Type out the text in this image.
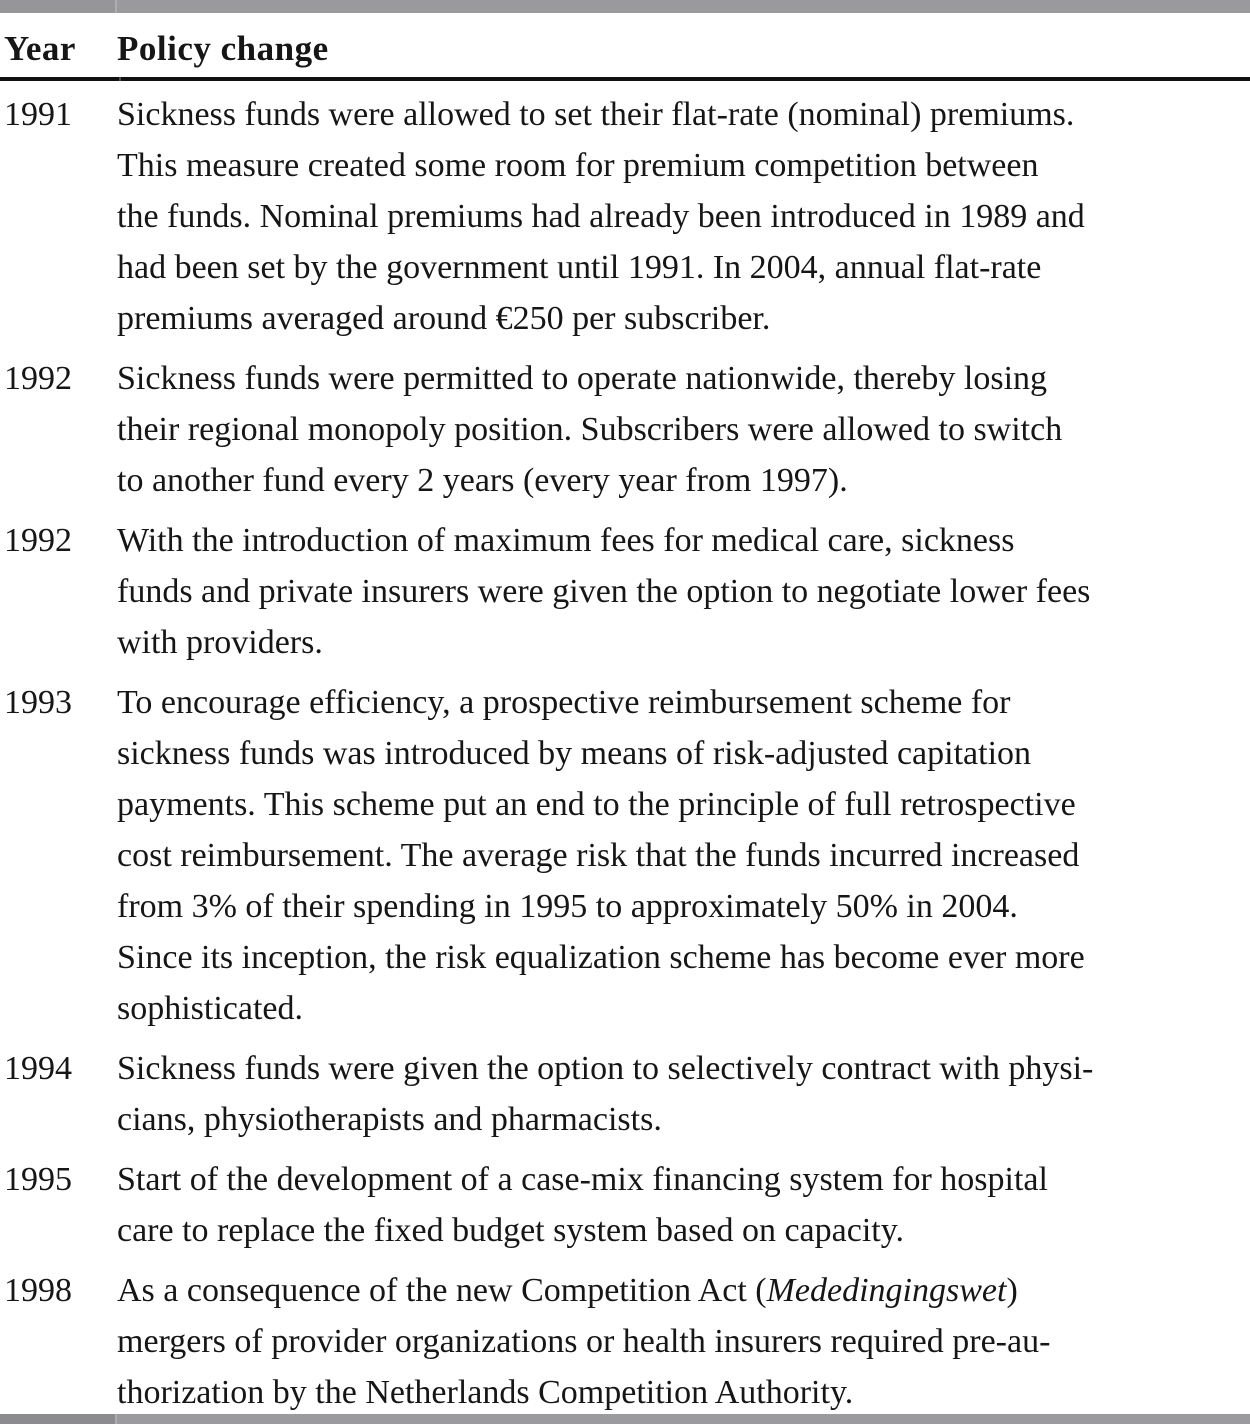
Year	Policy change
1991	Sickness funds were allowed to set their flat-rate (nominal) premiums.
This measure created some room for premium competition between
the funds. Nominal premiums had already been introduced in 1989 and
had been set by the government until 1991. In 2004, annual flat-rate
premiums averaged around €250 per subscriber.
1992	Sickness funds were permitted to operate nationwide, thereby losing
their regional monopoly position. Subscribers were allowed to switch
to another fund every 2 years (every year from 1997).
1992	With the introduction of maximum fees for medical care, sickness
funds and private insurers were given the option to negotiate lower fees
with providers.
1993	To encourage efficiency, a prospective reimbursement scheme for
sickness funds was introduced by means of risk-adjusted capitation
payments. This scheme put an end to the principle of full retrospective
cost reimbursement. The average risk that the funds incurred increased
from 3% of their spending in 1995 to approximately 50% in 2004.
Since its inception, the risk equalization scheme has become ever more
sophisticated.
1994	Sickness funds were given the option to selectively contract with physi-
cians, physiotherapists and pharmacists.
1995	Start of the development of a case-mix financing system for hospital
care to replace the fixed budget system based on capacity.
1998	As a consequence of the new Competition Act (Mededingingswet)
mergers of provider organizations or health insurers required pre-au-
thorization by the Netherlands Competition Authority.
